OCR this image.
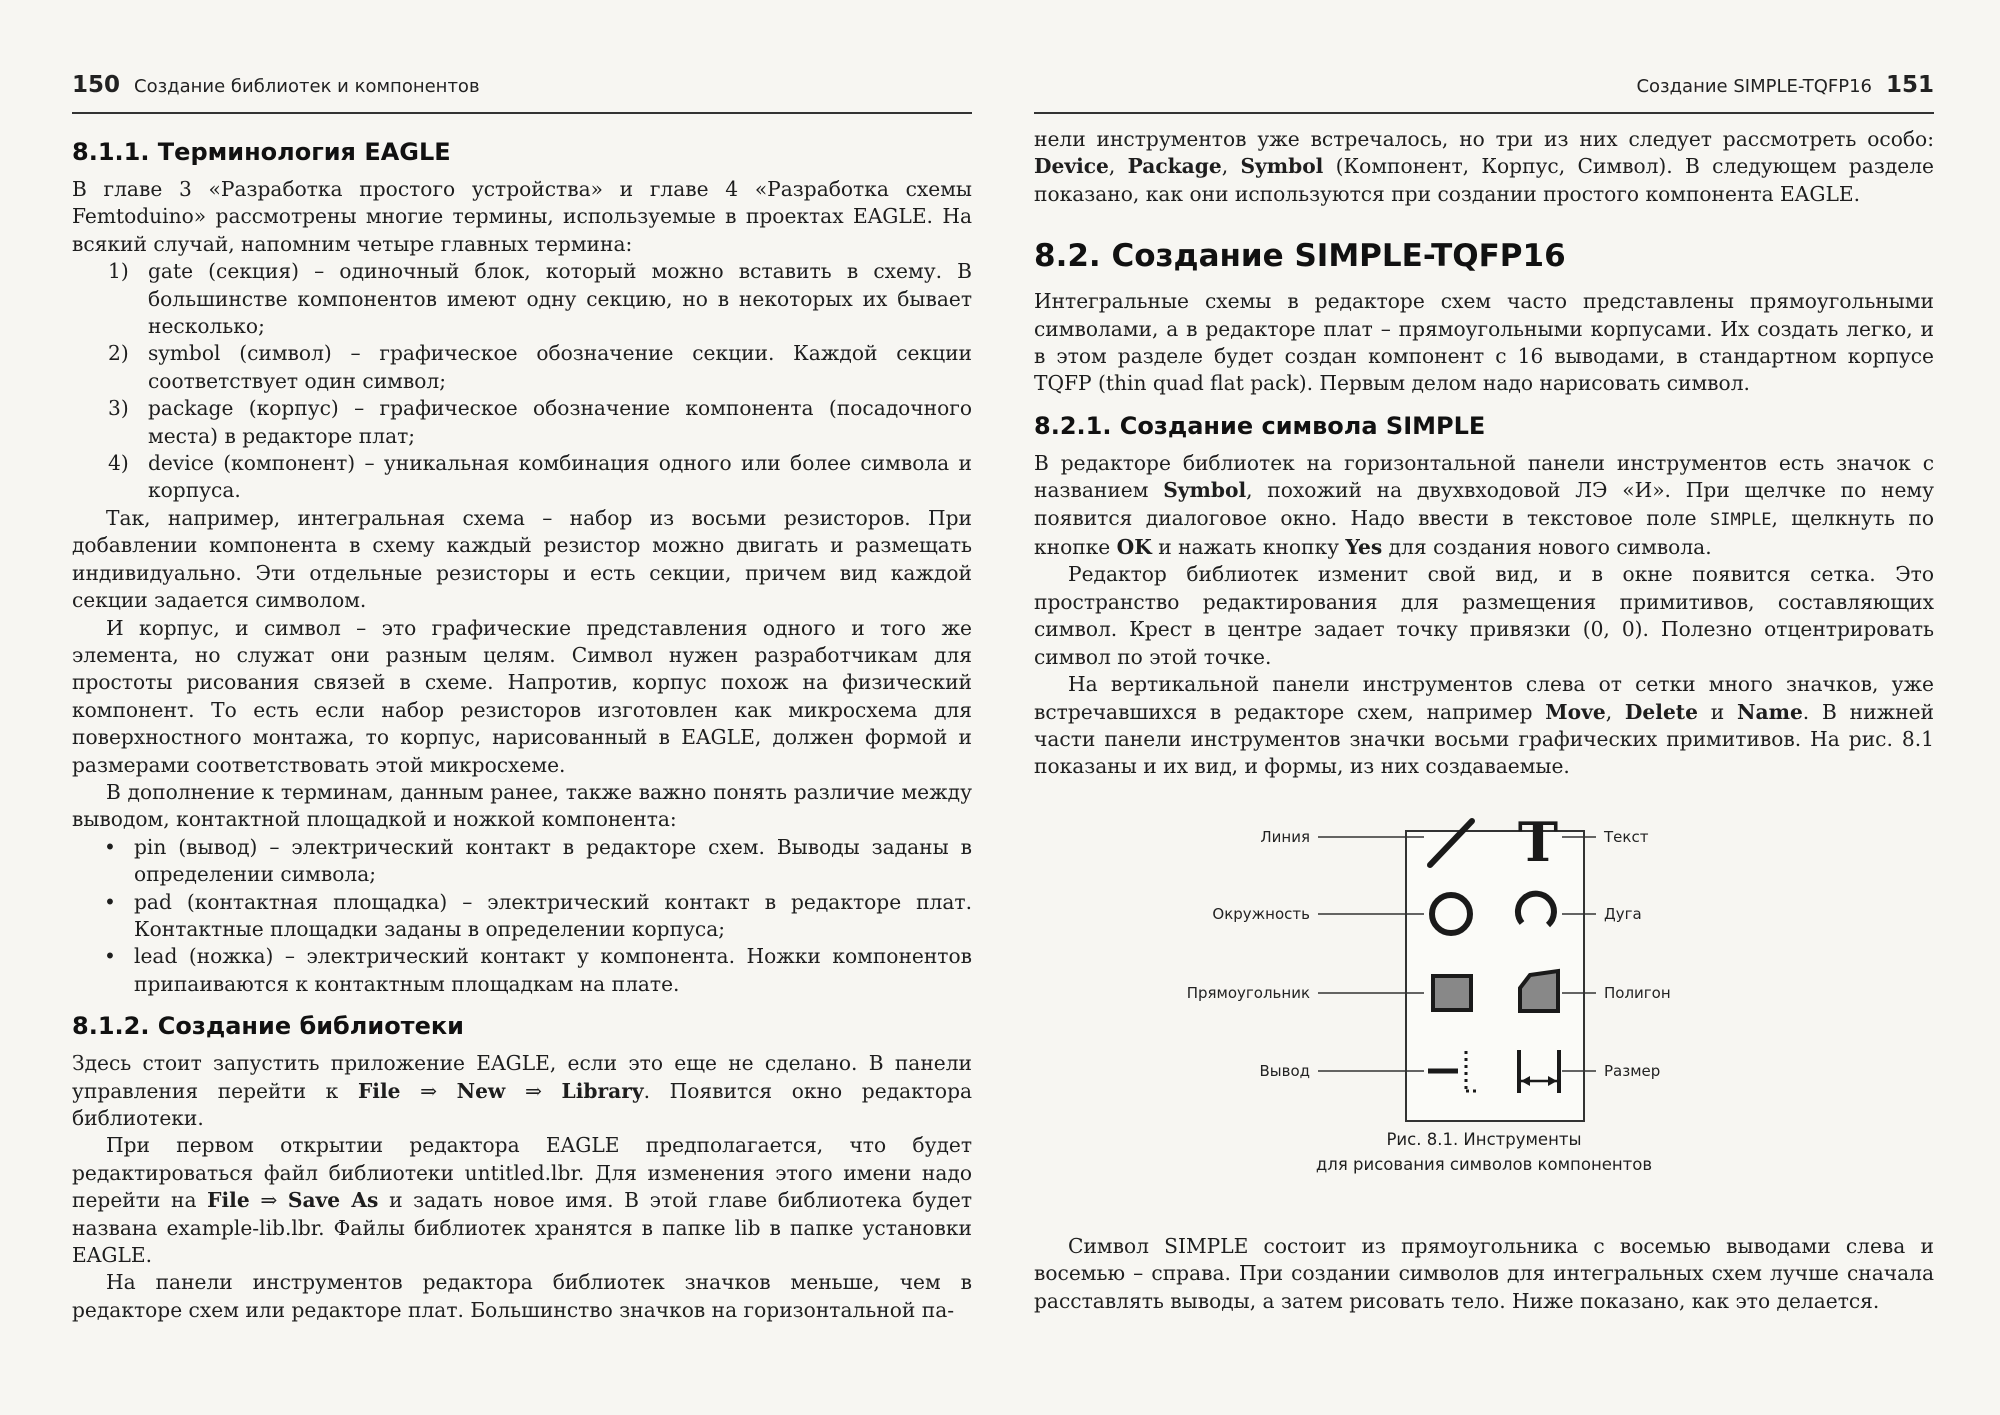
150 Создание библиотек и компонентов
8.1.1. Терминология EAGLE

В главе 3 «Разработка простого устройства» и главе 4 «Разработка схемы Femtoduino» рассмотрены многие термины, используемые в проектах EAGLE. На всякий случай, напомним четыре главных термина:

1) gate (секция) – одиночный блок, который можно вставить в схему. В большинстве компонентов имеют одну секцию, но в некоторых их бывает несколько;
2) symbol (символ) – графическое обозначение секции. Каждой секции соответствует один символ;
3) package (корпус) – графическое обозначение компонента (посадочного места) в редакторе плат;
4) device (компонент) – уникальная комбинация одного или более символа и корпуса.

Так, например, интегральная схема – набор из восьми резисторов. При добавлении компонента в схему каждый резистор можно двигать и размещать индивидуально. Эти отдельные резисторы и есть секции, причем вид каждой секции задается символом.

И корпус, и символ – это графические представления одного и того же элемента, но служат они разным целям. Символ нужен разработчикам для простоты рисования связей в схеме. Напротив, корпус похож на физический компонент. То есть если набор резисторов изготовлен как микросхема для поверхностного монтажа, то корпус, нарисованный в EAGLE, должен формой и размерами соответствовать этой микросхеме.

В дополнение к терминам, данным ранее, также важно понять различие между выводом, контактной площадкой и ножкой компонента:

• pin (вывод) – электрический контакт в редакторе схем. Выводы заданы в определении символа;
• pad (контактная площадка) – электрический контакт в редакторе плат. Контактные площадки заданы в определении корпуса;
• lead (ножка) – электрический контакт у компонента. Ножки компонентов припаиваются к контактным площадкам на плате.
8.1.2. Создание библиотеки

Здесь стоит запустить приложение EAGLE, если это еще не сделано. В панели управления перейти к File ⇒ New ⇒ Library. Появится окно редактора библиотеки.

При первом открытии редактора EAGLE предполагается, что будет редактироваться файл библиотеки untitled.lbr. Для изменения этого имени надо перейти на File ⇒ Save As и задать новое имя. В этой главе библиотека будет названа example-lib.lbr. Файлы библиотек хранятся в папке lib в папке установки EAGLE.

На панели инструментов редактора библиотек значков меньше, чем в редакторе схем или редакторе плат. Большинство значков на горизонтальной па-

Создание SIMPLE-TQFP16 151

нели инструментов уже встречалось, но три из них следует рассмотреть особо: Device, Package, Symbol (Компонент, Корпус, Символ). В следующем разделе показано, как они используются при создании простого компонента EAGLE.

8.2. Создание SIMPLE-TQFP16

Интегральные схемы в редакторе схем часто представлены прямоугольными символами, а в редакторе плат – прямоугольными корпусами. Их создать легко, и в этом разделе будет создан компонент с 16 выводами, в стандартном корпусе TQFP (thin quad flat pack). Первым делом надо нарисовать символ.

8.2.1. Создание символа SIMPLE

В редакторе библиотек на горизонтальной панели инструментов есть значок с названием Symbol, похожий на двухвходовой ЛЭ «И». При щелчке по нему появится диалоговое окно. Надо ввести в текстовое поле SIMPLE, щелкнуть по кнопке OK и нажать кнопку Yes для создания нового символа.

Редактор библиотек изменит свой вид, и в окне появится сетка. Это пространство редактирования для размещения примитивов, составляющих символ. Крест в центре задает точку привязки (0, 0). Полезно отцентрировать символ по этой точке.

На вертикальной панели инструментов слева от сетки много значков, уже встречавшихся в редакторе схем, например Move, Delete и Name. В нижней части панели инструментов значки восьми графических примитивов. На рис. 8.1 показаны и их вид, и формы, из них создаваемые.

Линия
Окружность
Прямоугольник
Вывод
Текст
Дуга
Полигон
Размер
T
Рис. 8.1. Инструменты
для рисования символов компонентов

Символ SIMPLE состоит из прямоугольника с восемью выводами слева и восемью – справа. При создании символов для интегральных схем лучше сначала расставлять выводы, а затем рисовать тело. Ниже показано, как это делается.
